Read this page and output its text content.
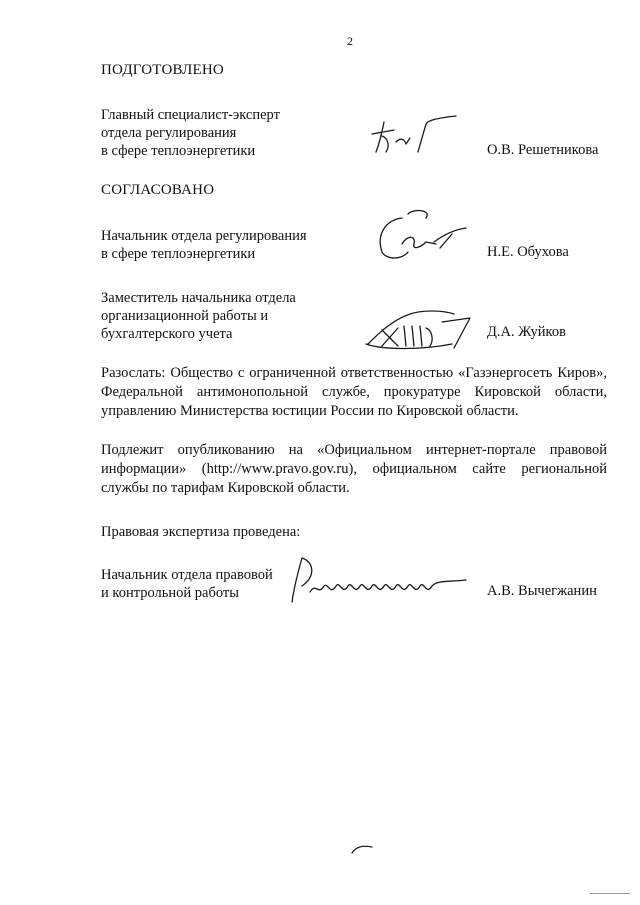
2
ПОДГОТОВЛЕНО
Главный специалист-эксперт
отдела регулирования
в сфере теплоэнергетики	О.В. Решетникова
СОГЛАСОВАНО
Начальник отдела регулирования
в сфере теплоэнергетики	Н.Е. Обухова
Заместитель начальника отдела
организационной работы и
бухгалтерского учета	Д.А. Жуйков
Разослать: Общество с ограниченной ответственностью «Газэнергосеть Киров», Федеральной антимонопольной службе, прокуратуре Кировской области, управлению Министерства юстиции России по Кировской области.
Подлежит опубликованию на «Официальном интернет-портале правовой информации» (http://www.pravo.gov.ru), официальном сайте региональной службы по тарифам Кировской области.
Правовая экспертиза проведена:
Начальник отдела правовой
и контрольной работы	А.В. Вычегжанин
